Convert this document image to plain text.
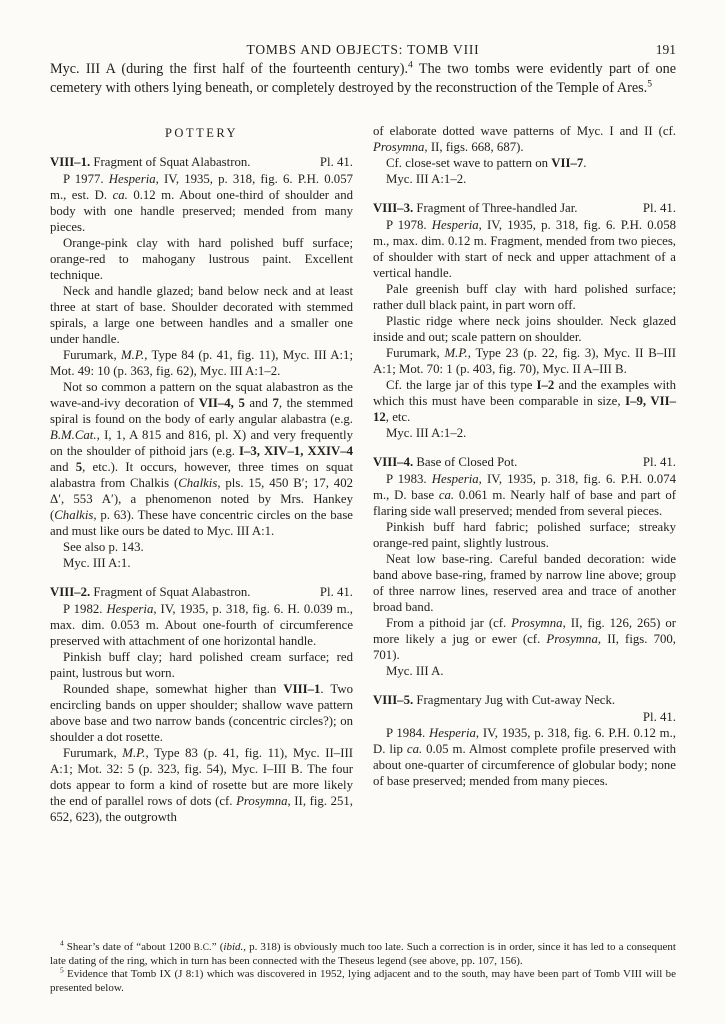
TOMBS AND OBJECTS: TOMB VIII	191

Myc. III A (during the first half of the fourteenth century).$^4$ The two tombs were evidently part of one cemetery with others lying beneath, or completely destroyed by the reconstruction of the Temple of Ares.$^5$

POTTERY
Pl. 41.
VIII–1. Fragment of Squat Alabastron.

P 1977. Hesperia, IV, 1935, p. 318, fig. 6. P.H. 0.057 m., est. D. ca. 0.12 m. About one-third of shoulder and body with one handle preserved; mended from many pieces.

Orange-pink clay with hard polished buff surface; orange-red to mahogany lustrous paint. Excellent technique.

Neck and handle glazed; band below neck and at least three at start of base. Shoulder decorated with stemmed spirals, a large one between handles and a smaller one under handle.

Furumark, M.P., Type 84 (p. 41, fig. 11), Myc. III A:1; Mot. 49: 10 (p. 363, fig. 62), Myc. III A:1–2.

Not so common a pattern on the squat alabastron as the wave-and-ivy decoration of VII–4, 5 and 7, the stemmed spiral is found on the body of early angular alabastra (e.g. B.M.Cat., I, 1, A 815 and 816, pl. X) and very frequently on the shoulder of pithoid jars (e.g. I–3, XIV–1, XXIV–4 and 5, etc.). It occurs, however, three times on squat alabastra from Chalkis (Chalkis, pls. 15, 450 B′; 17, 402 Δ′, 553 A′), a phenomenon noted by Mrs. Hankey (Chalkis, p. 63). These have concentric circles on the base and must like ours be dated to Myc. III A:1.

See also p. 143.

Myc. III A:1.

Pl. 41.
VIII–2. Fragment of Squat Alabastron.

P 1982. Hesperia, IV, 1935, p. 318, fig. 6. H. 0.039 m., max. dim. 0.053 m. About one-fourth of circumference preserved with attachment of one horizontal handle.

Pinkish buff clay; hard polished cream surface; red paint, lustrous but worn.

Rounded shape, somewhat higher than VIII–1. Two encircling bands on upper shoulder; shallow wave pattern above base and two narrow bands (concentric circles?); on shoulder a dot rosette.

Furumark, M.P., Type 83 (p. 41, fig. 11), Myc. II–III A:1; Mot. 32: 5 (p. 323, fig. 54), Myc. I–III B. The four dots appear to form a kind of rosette but are more likely the end of parallel rows of dots (cf. Prosymna, II, fig. 251, 652, 623), the outgrowth

of elaborate dotted wave patterns of Myc. I and II (cf. Prosymna, II, figs. 668, 687).

Cf. close-set wave to pattern on VII–7.

Myc. III A:1–2.

Pl. 41.
VIII–3. Fragment of Three-handled Jar.

P 1978. Hesperia, IV, 1935, p. 318, fig. 6. P.H. 0.058 m., max. dim. 0.12 m. Fragment, mended from two pieces, of shoulder with start of neck and upper attachment of a vertical handle.

Pale greenish buff clay with hard polished surface; rather dull black paint, in part worn off.

Plastic ridge where neck joins shoulder. Neck glazed inside and out; scale pattern on shoulder.

Furumark, M.P., Type 23 (p. 22, fig. 3), Myc. II B–III A:1; Mot. 70: 1 (p. 403, fig. 70), Myc. II A–III B.

Cf. the large jar of this type I–2 and the examples with which this must have been comparable in size, I–9, VII–12, etc.

Myc. III A:1–2.

Pl. 41.
VIII–4. Base of Closed Pot.

P 1983. Hesperia, IV, 1935, p. 318, fig. 6. P.H. 0.074 m., D. base ca. 0.061 m. Nearly half of base and part of flaring side wall preserved; mended from several pieces.

Pinkish buff hard fabric; polished surface; streaky orange-red paint, slightly lustrous.

Neat low base-ring. Careful banded decoration: wide band above base-ring, framed by narrow line above; group of three narrow lines, reserved area and trace of another broad band.

From a pithoid jar (cf. Prosymna, II, fig. 126, 265) or more likely a jug or ewer (cf. Prosymna, II, figs. 700, 701).

Myc. III A.

VIII–5. Fragmentary Jug with Cut-away Neck.
Pl. 41.

P 1984. Hesperia, IV, 1935, p. 318, fig. 6. P.H. 0.12 m., D. lip ca. 0.05 m. Almost complete profile preserved with about one-quarter of circumference of globular body; none of base preserved; mended from many pieces.

$^4$ Shear’s date of “about 1200 B.C.” (ibid., p. 318) is obviously much too late. Such a correction is in order, since it has led to a consequent late dating of the ring, which in turn has been connected with the Theseus legend (see above, pp. 107, 156).

$^5$ Evidence that Tomb IX (J 8:1) which was discovered in 1952, lying adjacent and to the south, may have been part of Tomb VIII will be presented below.
